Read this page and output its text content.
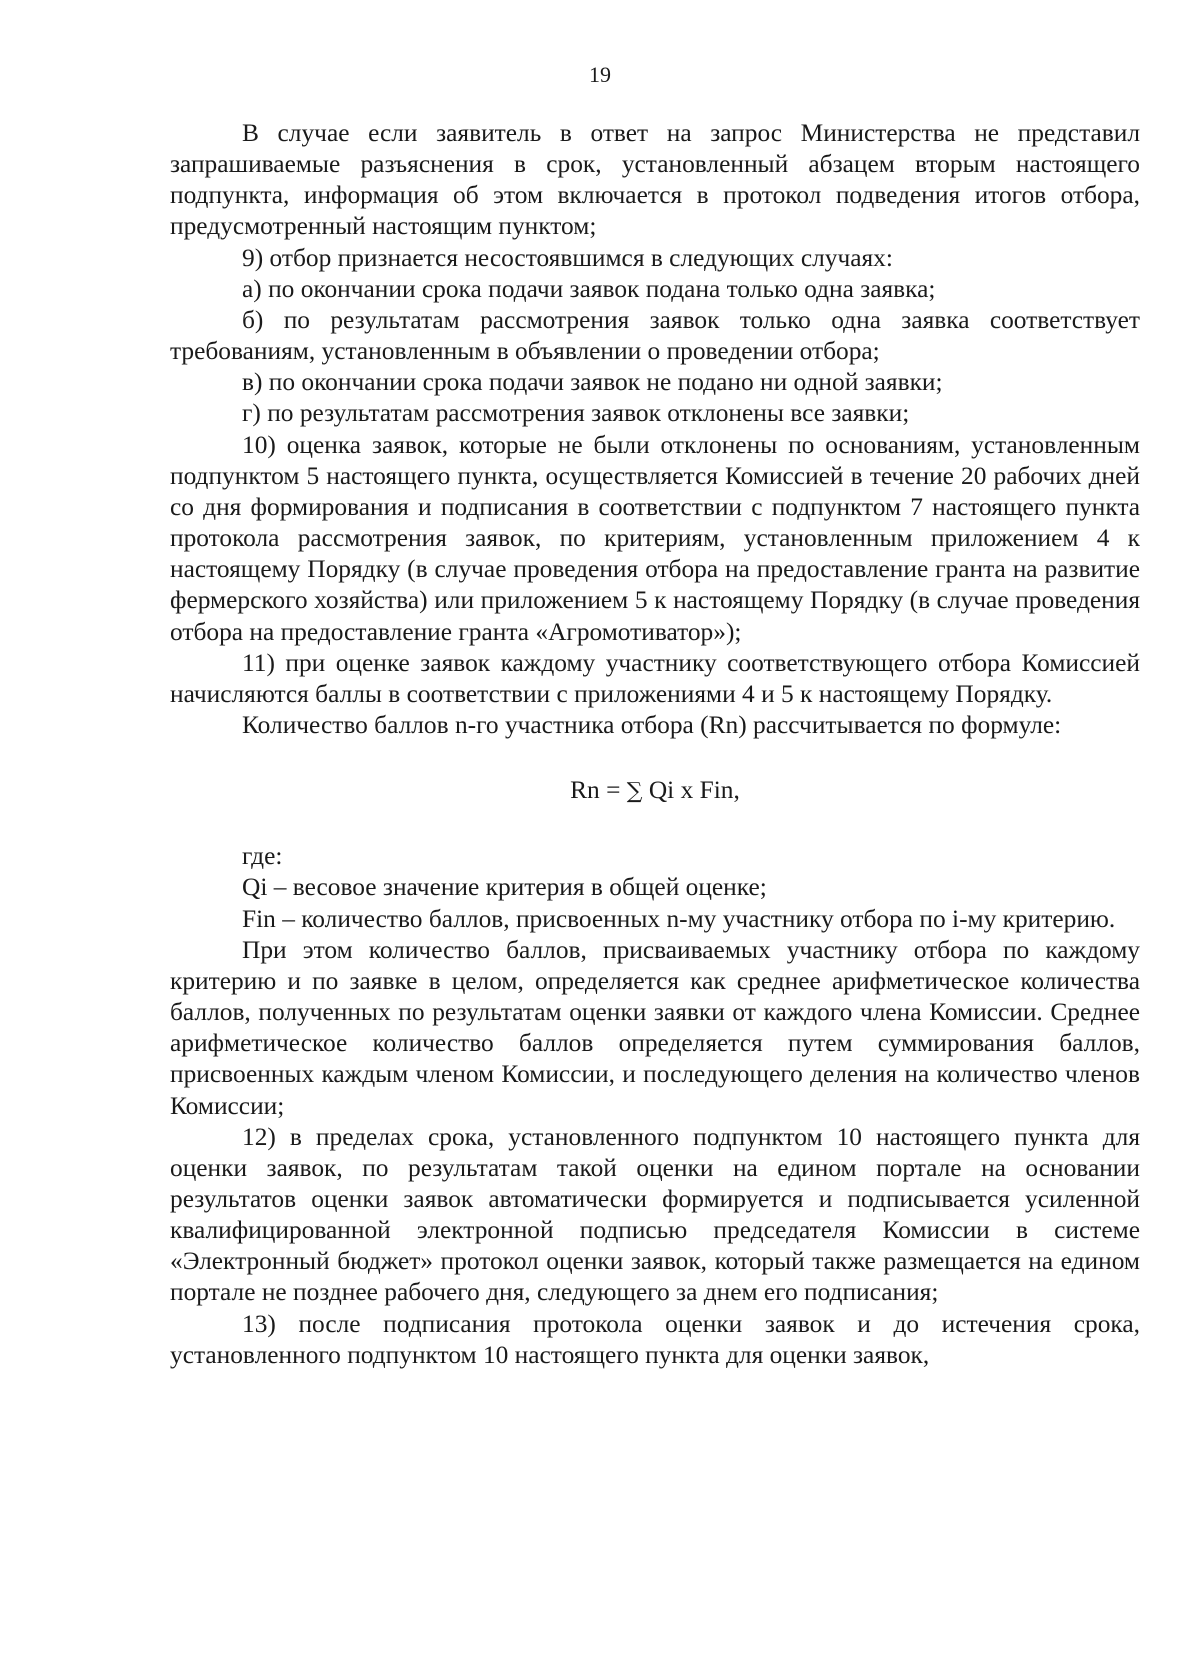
19

В случае если заявитель в ответ на запрос Министерства не представил запрашиваемые разъяснения в срок, установленный абзацем вторым настоящего подпункта, информация об этом включается в протокол подведения итогов отбора, предусмотренный настоящим пунктом;

9) отбор признается несостоявшимся в следующих случаях:

а) по окончании срока подачи заявок подана только одна заявка;

б) по результатам рассмотрения заявок только одна заявка соответствует требованиям, установленным в объявлении о проведении отбора;

в) по окончании срока подачи заявок не подано ни одной заявки;

г) по результатам рассмотрения заявок отклонены все заявки;

10) оценка заявок, которые не были отклонены по основаниям, установленным подпунктом 5 настоящего пункта, осуществляется Комиссией в течение 20 рабочих дней со дня формирования и подписания в соответствии с подпунктом 7 настоящего пункта протокола рассмотрения заявок, по критериям, установленным приложением 4 к настоящему Порядку (в случае проведения отбора на предоставление гранта на развитие фермерского хозяйства) или приложением 5 к настоящему Порядку (в случае проведения отбора на предоставление гранта «Агромотиватор»);

11) при оценке заявок каждому участнику соответствующего отбора Комиссией начисляются баллы в соответствии с приложениями 4 и 5 к настоящему Порядку.

Количество баллов n-го участника отбора (Rn) рассчитывается по формуле:

Rn = ∑ Qi x Fin,

где:

Qi – весовое значение критерия в общей оценке;

Fin – количество баллов, присвоенных n-му участнику отбора по i-му критерию.

При этом количество баллов, присваиваемых участнику отбора по каждому критерию и по заявке в целом, определяется как среднее арифметическое количества баллов, полученных по результатам оценки заявки от каждого члена Комиссии. Среднее арифметическое количество баллов определяется путем суммирования баллов, присвоенных каждым членом Комиссии, и последующего деления на количество членов Комиссии;

12) в пределах срока, установленного подпунктом 10 настоящего пункта для оценки заявок, по результатам такой оценки на едином портале на основании результатов оценки заявок автоматически формируется и подписывается усиленной квалифицированной электронной подписью председателя Комиссии в системе «Электронный бюджет» протокол оценки заявок, который также размещается на едином портале не позднее рабочего дня, следующего за днем его подписания;

13) после подписания протокола оценки заявок и до истечения срока, установленного подпунктом 10 настоящего пункта для оценки заявок,
